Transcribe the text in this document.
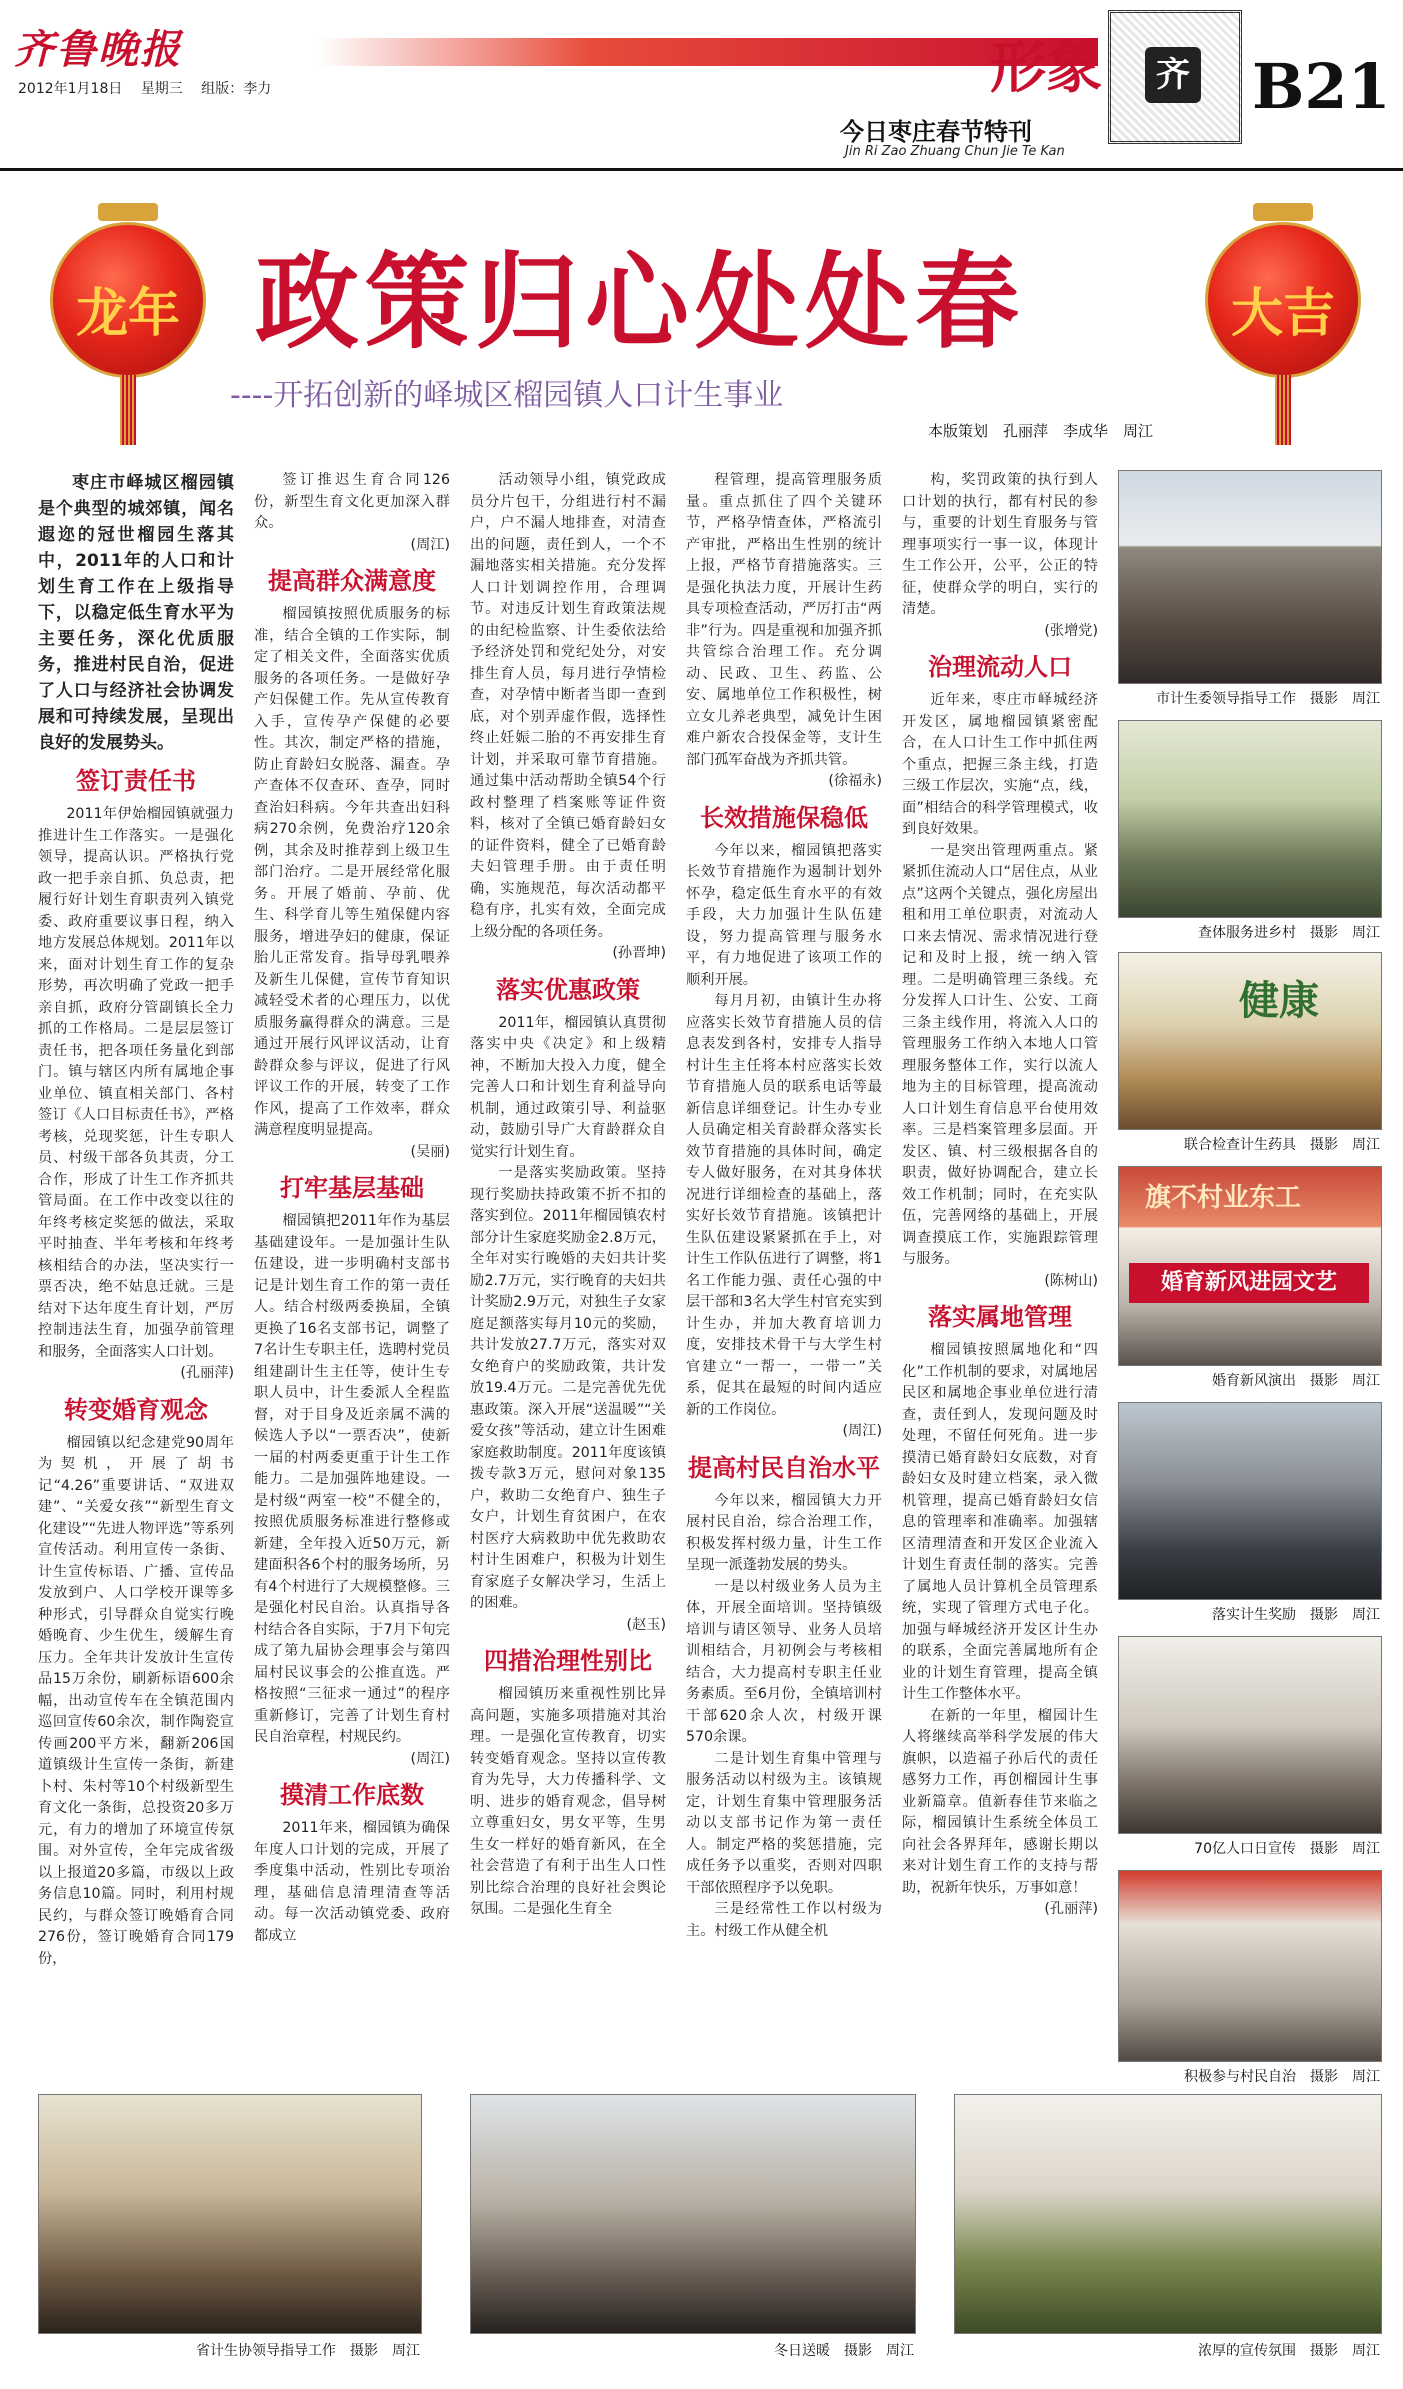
齐鲁晚报
2012年1月18日　 星期三　 组版：李力	形象
今日枣庄春节特刊
Jin Ri Zao Zhuang Chun Jie Te Kan
齐 B21
龙年	大吉
政策归心处处春
----开拓创新的峄城区榴园镇人口计生事业
本版策划　孔丽萍　李成华　周江

枣庄市峄城区榴园镇是个典型的城郊镇，闻名遐迩的冠世榴园生落其中，2011年的人口和计划生育工作在上级指导下，以稳定低生育水平为主要任务，深化优质服务，推进村民自治，促进了人口与经济社会协调发展和可持续发展，呈现出良好的发展势头。

签订责任书

2011年伊始榴园镇就强力推进计生工作落实。一是强化领导，提高认识。严格执行党政一把手亲自抓、负总责，把履行好计划生育职责列入镇党委、政府重要议事日程，纳入地方发展总体规划。2011年以来，面对计划生育工作的复杂形势，再次明确了党政一把手亲自抓，政府分管副镇长全力抓的工作格局。二是层层签订责任书，把各项任务量化到部门。镇与辖区内所有属地企事业单位、镇直相关部门、各村签订《人口目标责任书》，严格考核，兑现奖惩，计生专职人员、村级干部各负其责，分工合作，形成了计生工作齐抓共管局面。在工作中改变以往的年终考核定奖惩的做法，采取平时抽查、半年考核和年终考核相结合的办法，坚决实行一票否决，绝不姑息迁就。三是结对下达年度生育计划，严厉控制违法生育，加强孕前管理和服务，全面落实人口计划。

(孔丽萍)

转变婚育观念

榴园镇以纪念建党90周年为契机，开展了胡书记“4.26”重要讲话、“双进双建”、“关爱女孩”“新型生育文化建设”“先进人物评选”等系列宣传活动。利用宣传一条街、计生宣传标语、广播、宣传品发放到户、人口学校开课等多种形式，引导群众自觉实行晚婚晚育、少生优生，缓解生育压力。全年共计发放计生宣传品15万余份，刷新标语600余幅，出动宣传车在全镇范围内巡回宣传60余次，制作陶瓷宣传画200平方米，翻新206国道镇级计生宣传一条街，新建卜村、朱村等10个村级新型生育文化一条街，总投资20多万元，有力的增加了环境宣传氛围。对外宣传，全年完成省级以上报道20多篇，市级以上政务信息10篇。同时，利用村规民约，与群众签订晚婚育合同276份，签订晚婚育合同179份，

签订推迟生育合同126份，新型生育文化更加深入群众。

(周江)

提高群众满意度

榴园镇按照优质服务的标准，结合全镇的工作实际，制定了相关文件，全面落实优质服务的各项任务。一是做好孕产妇保健工作。先从宣传教育入手，宣传孕产保健的必要性。其次，制定严格的措施，防止育龄妇女脱落、漏查。孕产查体不仅查环、查孕，同时查治妇科病。今年共查出妇科病270余例，免费治疗120余例，其余及时推荐到上级卫生部门治疗。二是开展经常化服务。开展了婚前、孕前、优生、科学育儿等生殖保健内容服务，增进孕妇的健康，保证胎儿正常发育。指导母乳喂养及新生儿保健，宣传节育知识减轻受术者的心理压力，以优质服务赢得群众的满意。三是通过开展行风评议活动，让育龄群众参与评议，促进了行风评议工作的开展，转变了工作作风，提高了工作效率，群众满意程度明显提高。

(吴丽)

打牢基层基础

榴园镇把2011年作为基层基础建设年。一是加强计生队伍建设，进一步明确村支部书记是计划生育工作的第一责任人。结合村级两委换届，全镇更换了16名支部书记，调整了7名计生专职主任，选聘村党员组建副计生主任等，使计生专职人员中，计生委派人全程监督，对于目身及近亲属不满的候选人予以“一票否决”，使新一届的村两委更重于计生工作能力。二是加强阵地建设。一是村级“两室一校”不健全的，按照优质服务标准进行整修或新建，全年投入近50万元，新建面积各6个村的服务场所，另有4个村进行了大规模整修。三是强化村民自治。认真指导各村结合各自实际，于7月下旬完成了第九届协会理事会与第四届村民议事会的公推直选。严格按照“三征求一通过”的程序重新修订，完善了计划生育村民自治章程，村规民约。

(周江)

摸清工作底数

2011年来，榴园镇为确保年度人口计划的完成，开展了季度集中活动，性别比专项治理，基础信息清理清查等活动。每一次活动镇党委、政府都成立

活动领导小组，镇党政成员分片包干，分组进行村不漏户，户不漏人地排查，对清查出的问题，责任到人，一个不漏地落实相关措施。充分发挥人口计划调控作用，合理调节。对违反计划生育政策法规的由纪检监察、计生委依法给予经济处罚和党纪处分，对安排生育人员，每月进行孕情检查，对孕情中断者当即一查到底，对个别弄虚作假，选择性终止妊娠二胎的不再安排生育计划，并采取可靠节育措施。通过集中活动帮助全镇54个行政村整理了档案账等证件资料，核对了全镇已婚育龄妇女的证件资料，健全了已婚育龄夫妇管理手册。由于责任明确，实施规范，每次活动都平稳有序，扎实有效，全面完成上级分配的各项任务。

(孙晋坤)

落实优惠政策

2011年，榴园镇认真贯彻落实中央《决定》和上级精神，不断加大投入力度，健全完善人口和计划生育利益导向机制，通过政策引导、利益驱动，鼓励引导广大育龄群众自觉实行计划生育。

一是落实奖励政策。坚持现行奖励扶持政策不折不扣的落实到位。2011年榴园镇农村部分计生家庭奖励金2.8万元，全年对实行晚婚的夫妇共计奖励2.7万元，实行晚育的夫妇共计奖励2.9万元，对独生子女家庭足额落实每月10元的奖励，共计发放27.7万元，落实对双女绝育户的奖励政策，共计发放19.4万元。二是完善优先优惠政策。深入开展“送温暖”“关爱女孩”等活动，建立计生困难家庭救助制度。2011年度该镇拨专款3万元，慰问对象135户，救助二女绝育户、独生子女户，计划生育贫困户，在农村医疗大病救助中优先救助农村计生困难户，积极为计划生育家庭子女解决学习，生活上的困难。

(赵玉)

四措治理性别比

榴园镇历来重视性别比异高问题，实施多项措施对其治理。一是强化宣传教育，切实转变婚育观念。坚持以宣传教育为先导，大力传播科学、文明、进步的婚育观念，倡导树立尊重妇女，男女平等，生男生女一样好的婚育新风，在全社会营造了有利于出生人口性别比综合治理的良好社会舆论氛围。二是强化生育全

程管理，提高管理服务质量。重点抓住了四个关键环节，严格孕情查体，严格流引产审批，严格出生性别的统计上报，严格节育措施落实。三是强化执法力度，开展计生药具专项检查活动，严厉打击“两非”行为。四是重视和加强齐抓共管综合治理工作。充分调动、民政、卫生、药监、公安、属地单位工作积极性，树立女儿养老典型，减免计生困难户新农合投保金等，支计生部门孤军奋战为齐抓共管。

(徐福永)

长效措施保稳低

今年以来，榴园镇把落实长效节育措施作为遏制计划外怀孕，稳定低生育水平的有效手段，大力加强计生队伍建设，努力提高管理与服务水平，有力地促进了该项工作的顺利开展。

每月月初，由镇计生办将应落实长效节育措施人员的信息表发到各村，安排专人指导村计生主任将本村应落实长效节育措施人员的联系电话等最新信息详细登记。计生办专业人员确定相关育龄群众落实长效节育措施的具体时间，确定专人做好服务，在对其身体状况进行详细检查的基础上，落实好长效节育措施。该镇把计生队伍建设紧紧抓在手上，对计生工作队伍进行了调整，将1名工作能力强、责任心强的中层干部和3名大学生村官充实到计生办，并加大教育培训力度，安排技术骨干与大学生村官建立“一帮一，一带一”关系，促其在最短的时间内适应新的工作岗位。

(周江)

提高村民自治水平

今年以来，榴园镇大力开展村民自治，综合治理工作，积极发挥村级力量，计生工作呈现一派蓬勃发展的势头。

一是以村级业务人员为主体，开展全面培训。坚持镇级培训与请区领导、业务人员培训相结合，月初例会与考核相结合，大力提高村专职主任业务素质。至6月份，全镇培训村干部620余人次，村级开课570余课。

二是计划生育集中管理与服务活动以村级为主。该镇规定，计划生育集中管理服务活动以支部书记作为第一责任人。制定严格的奖惩措施，完成任务予以重奖，否则对四职干部依照程序予以免职。

三是经常性工作以村级为主。村级工作从健全机

构，奖罚政策的执行到人口计划的执行，都有村民的参与，重要的计划生育服务与管理事项实行一事一议，体现计生工作公开，公平，公正的特征，使群众学的明白，实行的清楚。

(张增党)

治理流动人口

近年来，枣庄市峄城经济开发区，属地榴园镇紧密配合，在人口计生工作中抓住两个重点，把握三条主线，打造三级工作层次，实施“点，线，面”相结合的科学管理模式，收到良好效果。

一是突出管理两重点。紧紧抓住流动人口“居住点，从业点”这两个关键点，强化房屋出租和用工单位职责，对流动人口来去情况、需求情况进行登记和及时上报，统一纳入管理。二是明确管理三条线。充分发挥人口计生、公安、工商三条主线作用，将流入人口的管理服务工作纳入本地人口管理服务整体工作，实行以流人地为主的目标管理，提高流动人口计划生育信息平台使用效率。三是档案管理多层面。开发区、镇、村三级根据各自的职责，做好协调配合，建立长效工作机制；同时，在充实队伍，完善网络的基础上，开展调查摸底工作，实施跟踪管理与服务。

(陈树山)

落实属地管理

榴园镇按照属地化和“四化”工作机制的要求，对属地居民区和属地企事业单位进行清查，责任到人，发现问题及时处理，不留任何死角。进一步摸清已婚育龄妇女底数，对育龄妇女及时建立档案，录入微机管理，提高已婚育龄妇女信息的管理率和准确率。加强辖区清理清查和开发区企业流入计划生育责任制的落实。完善了属地人员计算机全员管理系统，实现了管理方式电子化。加强与峄城经济开发区计生办的联系，全面完善属地所有企业的计划生育管理，提高全镇计生工作整体水平。

在新的一年里，榴园计生人将继续高举科学发展的伟大旗帜，以造福子孙后代的责任感努力工作，再创榴园计生事业新篇章。值新春佳节来临之际，榴园镇计生系统全体员工向社会各界拜年，感谢长期以来对计划生育工作的支持与帮助，祝新年快乐，万事如意！

(孔丽萍)

市计生委领导指导工作　摄影　周江
查体服务进乡村　摄影　周江
健康
联合检查计生药具　摄影　周江
旗不村业东工
婚育新风进园文艺
婚育新风演出　摄影　周江
落实计生奖励　摄影　周江
70亿人口日宣传　摄影　周江
积极参与村民自治　摄影　周江
省计生协领导指导工作　摄影　周江	冬日送暖　摄影　周江	浓厚的宣传氛围　摄影　周江
